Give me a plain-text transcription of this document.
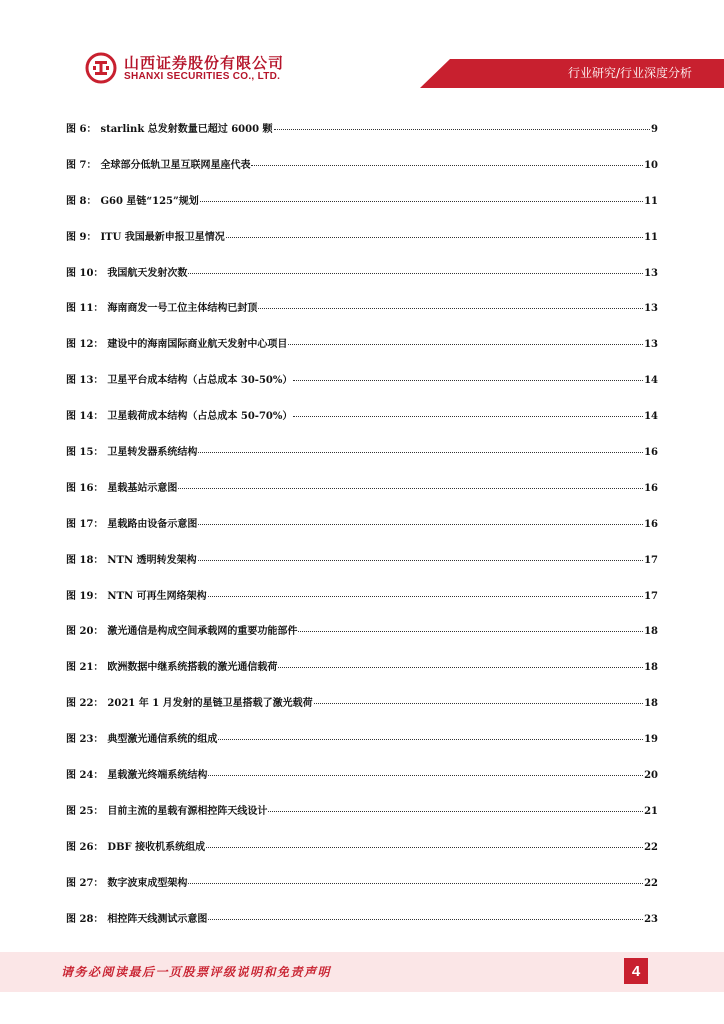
山西证券股份有限公司
SHANXI SECURITIES CO., LTD.	行业研究/行业深度分析
图 6： starlink 总发射数量已超过 6000 颗	9
图 7： 全球部分低轨卫星互联网星座代表	10
图 8： G60 星链“125”规划	11
图 9： ITU 我国最新申报卫星情况	11
图 10： 我国航天发射次数	13
图 11： 海南商发一号工位主体结构已封顶	13
图 12： 建设中的海南国际商业航天发射中心项目	13
图 13： 卫星平台成本结构（占总成本 30-50%）	14
图 14： 卫星载荷成本结构（占总成本 50-70%）	14
图 15： 卫星转发器系统结构	16
图 16： 星载基站示意图	16
图 17： 星载路由设备示意图	16
图 18： NTN 透明转发架构	17
图 19： NTN 可再生网络架构	17
图 20： 激光通信是构成空间承载网的重要功能部件	18
图 21： 欧洲数据中继系统搭载的激光通信载荷	18
图 22： 2021 年 1 月发射的星链卫星搭载了激光载荷	18
图 23： 典型激光通信系统的组成	19
图 24： 星载激光终端系统结构	20
图 25： 目前主流的星载有源相控阵天线设计	21
图 26： DBF 接收机系统组成	22
图 27： 数字波束成型架构	22
图 28： 相控阵天线测试示意图	23
请务必阅读最后一页股票评级说明和免责声明	4
